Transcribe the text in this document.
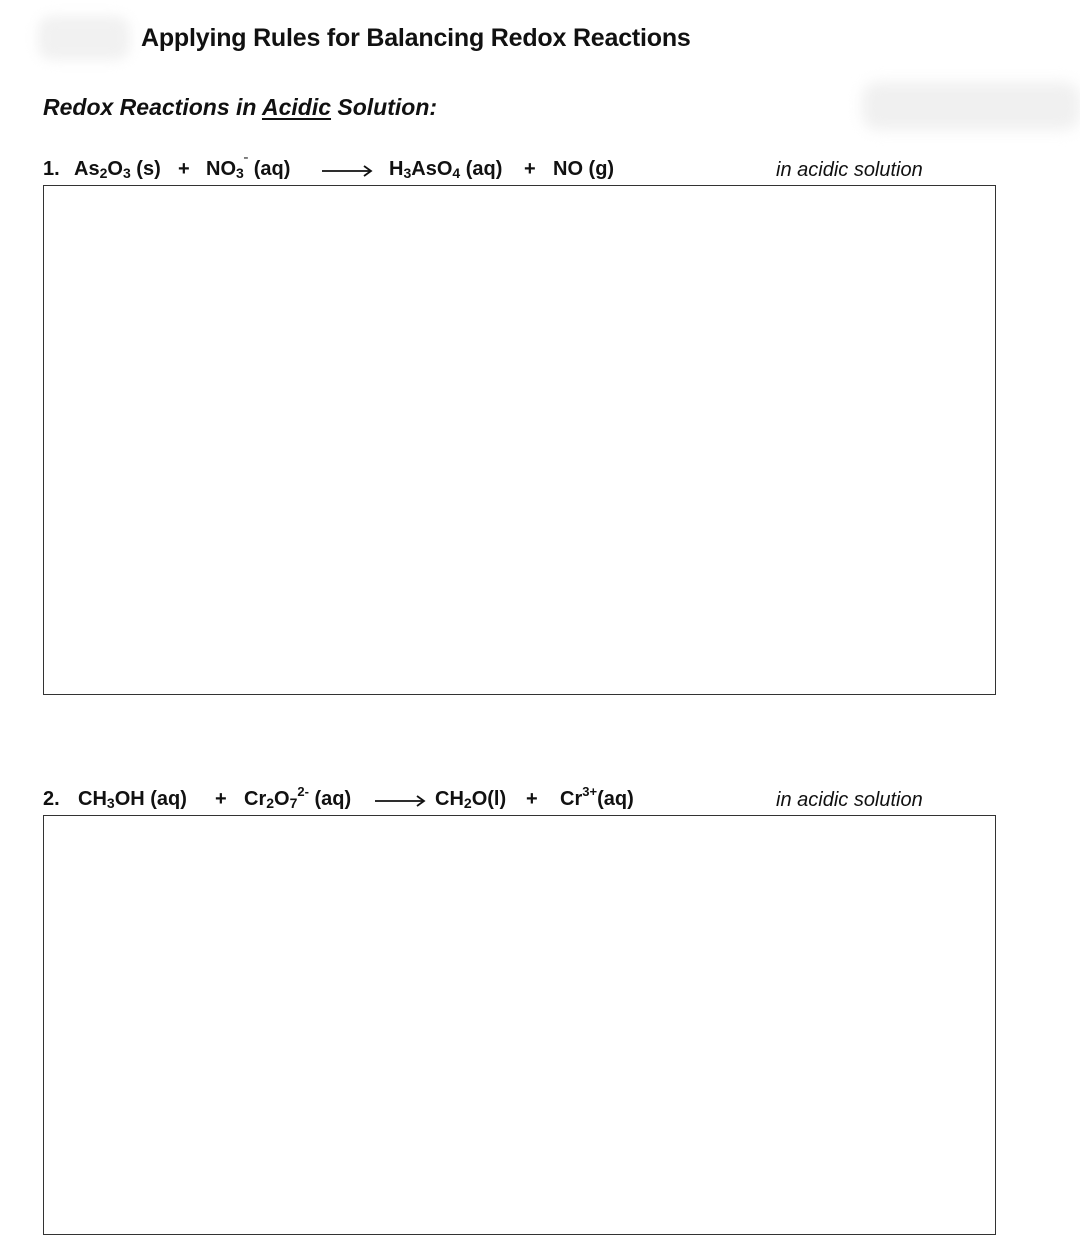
Applying Rules for Balancing Redox Reactions
Redox Reactions in Acidic Solution:
1. $As_2O_3$ $(s) + NO_3^ˉ$ $(aq) \to H_3AsO_4$ (aq) + NO (g)	in acidic solution
2. $CH_3OH$ $(aq) + Cr_2O_7^{2-}$ $(aq) \to CH_2O(l) + Cr^{3+}(aq)$	in acidic solution
